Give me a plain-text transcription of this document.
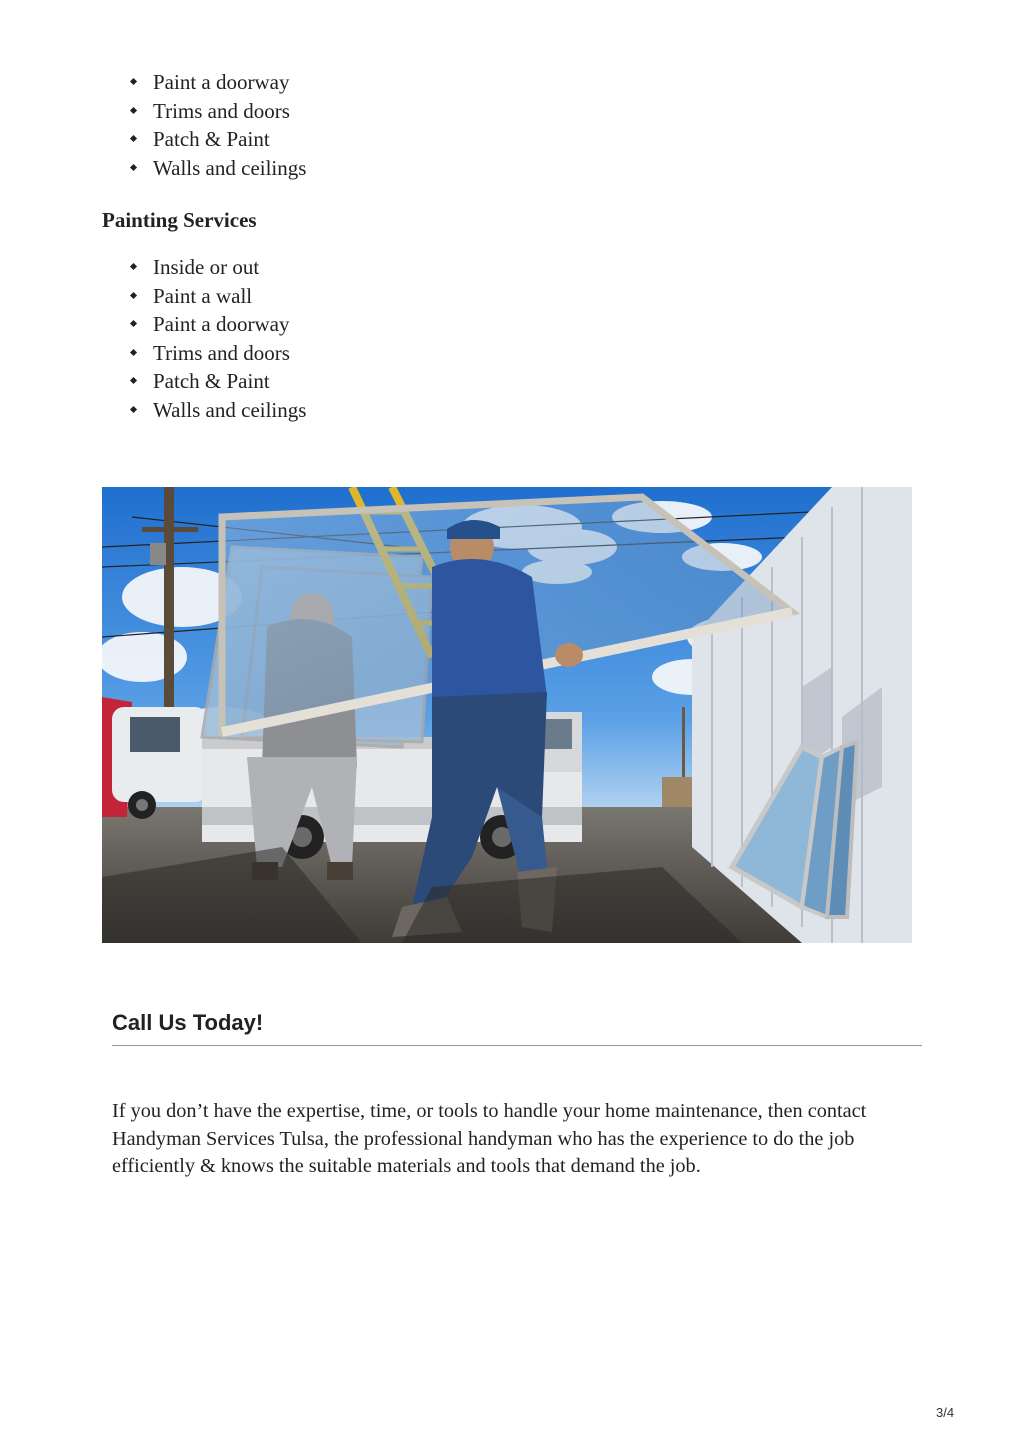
Paint a doorway
Trims and doors
Patch & Paint
Walls and ceilings
Painting Services
Inside or out
Paint a wall
Paint a doorway
Trims and doors
Patch & Paint
Walls and ceilings
Call Us Today!

If you don’t have the expertise, time, or tools to handle your home maintenance, then contact Handyman Services Tulsa, the professional handyman who has the experience to do the job efficiently & knows the suitable materials and tools that demand the job.

3/4
